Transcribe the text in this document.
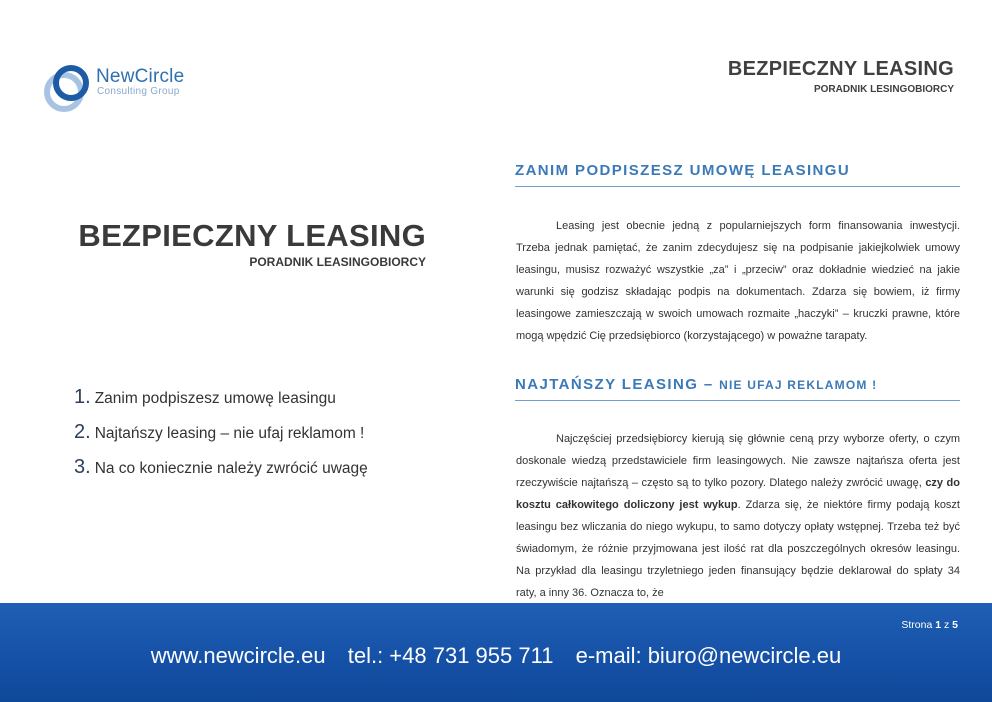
NewCircle
Consulting Group
BEZPIECZNY LEASING
PORADNIK LESINGOBIORCY
BEZPIECZNY LEASING
PORADNIK LEASINGOBIORCY
1. Zanim podpiszesz umowę leasingu
2. Najtańszy leasing – nie ufaj reklamom !
3. Na co koniecznie należy zwrócić uwagę
ZANIM PODPISZESZ UMOWĘ LEASINGU

Leasing jest obecnie jedną z popularniejszych form finansowania inwestycji. Trzeba jednak pamiętać, że zanim zdecydujesz się na podpisanie jakiejkolwiek umowy leasingu, musisz rozważyć wszystkie „za” i „przeciw” oraz dokładnie wiedzieć na jakie warunki się godzisz składając podpis na dokumentach. Zdarza się bowiem, iż firmy leasingowe zamieszczają w swoich umowach rozmaite „haczyki” – kruczki prawne, które mogą wpędzić Cię przedsiębiorco (korzystającego) w poważne tarapaty.

NAJTAŃSZY LEASING – NIE UFAJ REKLAMOM !

Najczęściej przedsiębiorcy kierują się głównie ceną przy wyborze oferty, o czym doskonale wiedzą przedstawiciele firm leasingowych. Nie zawsze najtańsza oferta jest rzeczywiście najtańszą – często są to tylko pozory. Dlatego należy zwrócić uwagę, czy do kosztu całkowitego doliczony jest wykup. Zdarza się, że niektóre firmy podają koszt leasingu bez wliczania do niego wykupu, to samo dotyczy opłaty wstępnej. Trzeba też być świadomym, że różnie przyjmowana jest ilość rat dla poszczególnych okresów leasingu. Na przykład dla leasingu trzyletniego jeden finansujący będzie deklarował do spłaty 34 raty, a inny 36. Oznacza to, że

Strona 1 z 5
www.newcircle.eu tel.: +48 731 955 711 e-mail: biuro@newcircle.eu
